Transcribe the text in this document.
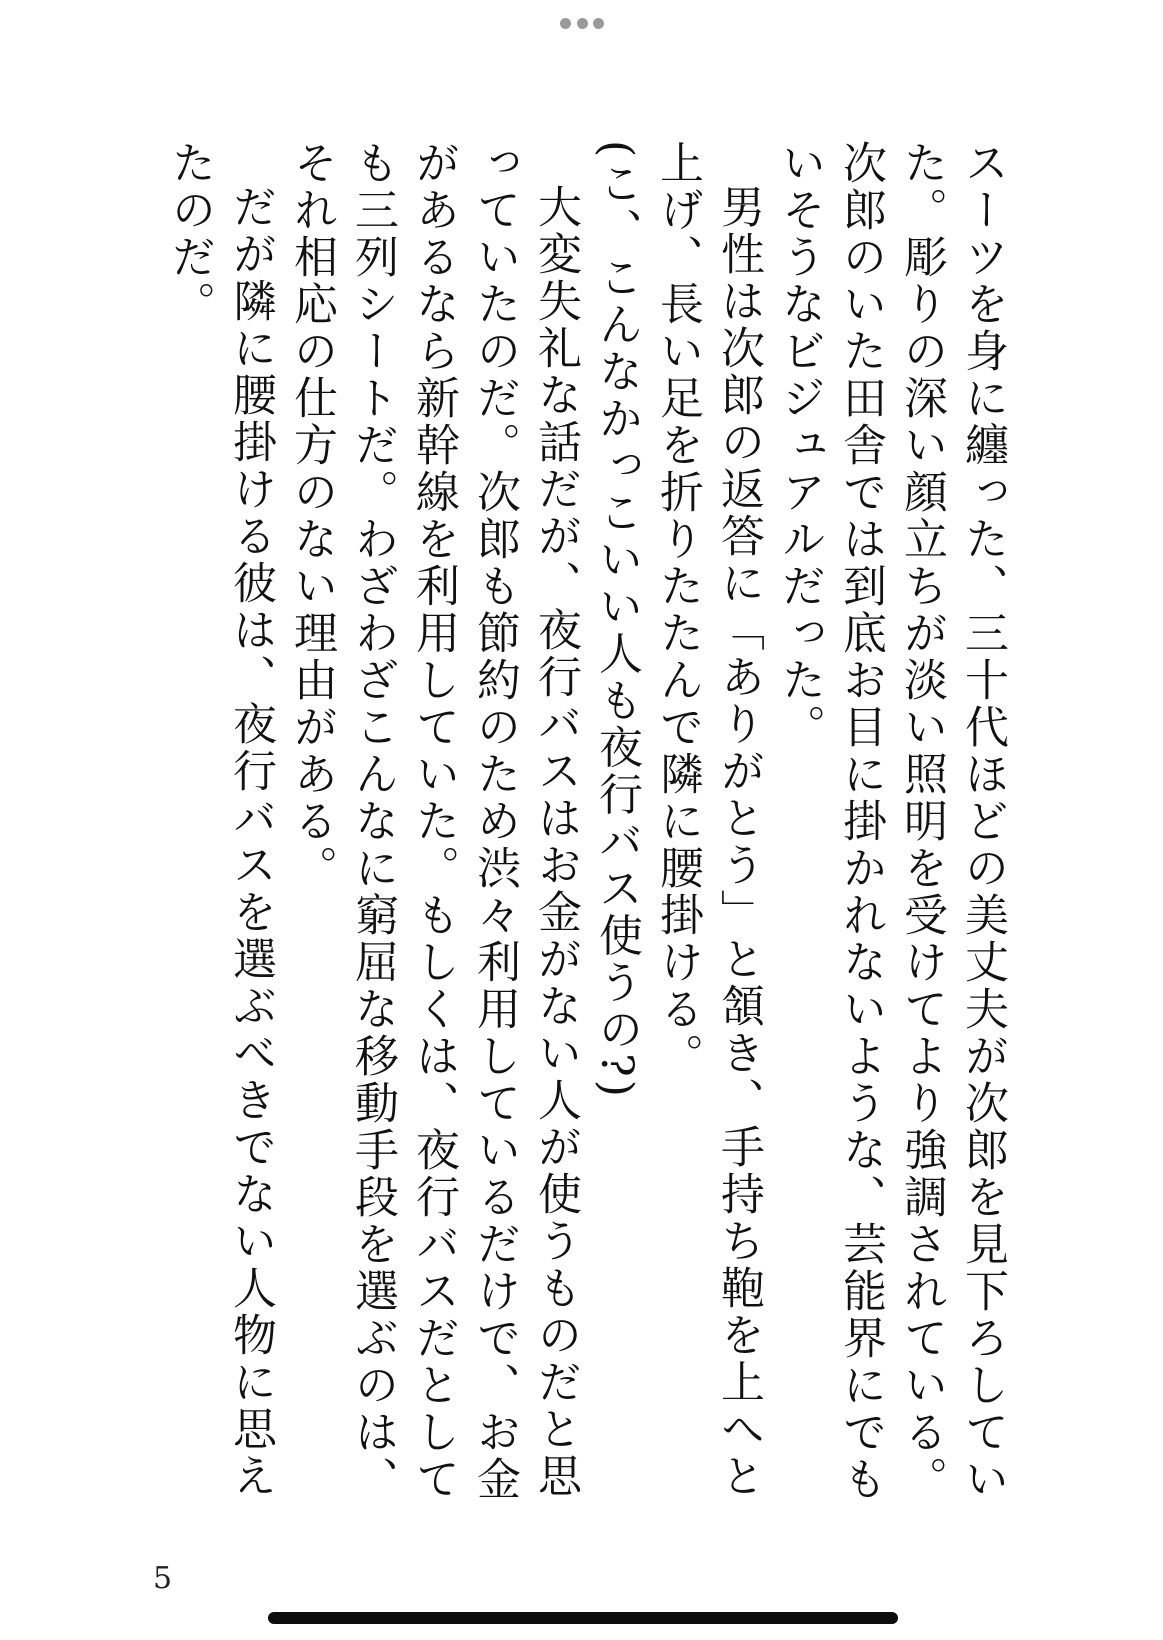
スーツを身に纏った、三十代ほどの美丈夫が次郎を見下ろしていた。彫りの深い顔立ちが淡い照明を受けてより強調されている。次郎のいた田舎では到底お目に掛かれないような、芸能界にでもいそうなビジュアルだった。

男性は次郎の返答に「ありがとう」と頷き、手持ち鞄を上へと上げ、長い足を折りたたんで隣に腰掛ける。

(こ、こんなかっこいい人も夜行バス使うの?)

大変失礼な話だが、夜行バスはお金がない人が使うものだと思っていたのだ。次郎も節約のため渋々利用しているだけで、お金があるなら新幹線を利用していた。もしくは、夜行バスだとしても三列シートだ。わざわざこんなに窮屈な移動手段を選ぶのは、それ相応の仕方のない理由がある。

だが隣に腰掛ける彼は、夜行バスを選ぶべきでない人物に思えたのだ。

5
